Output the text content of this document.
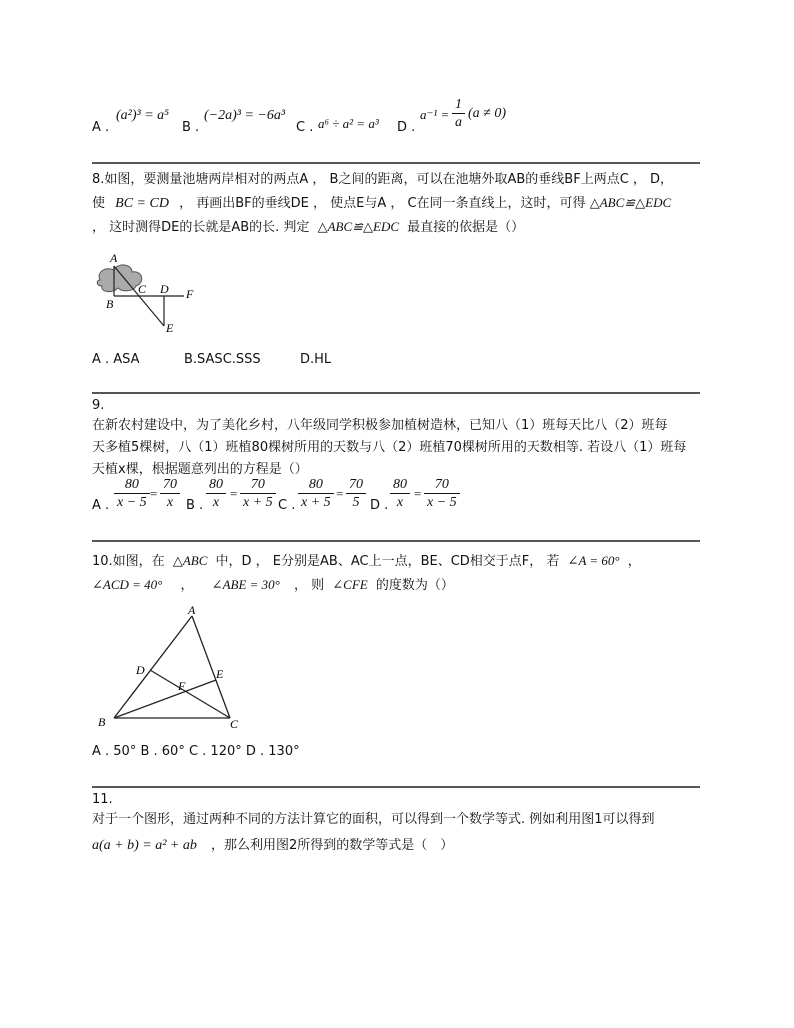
A .
(a²)³ = a⁵
B .
(−2a)³ = −6a³
C . a⁶ ÷ a² = a³ D .
$a^{-1} = \frac{1}{a} (a \ne 0)$
8.如图，要测量池塘两岸相对的两点A ， B之间的距离，可以在池塘外取AB的垂线BF上两点C ， D，
使 BC = CD ， 再画出BF的垂线DE ， 使点E与A ， C在同一条直线上，这时，可得 △ABC≌△EDC
， 这时测得DE的长就是AB的长. 判定 △ABC≌△EDC 最直接的依据是（）
A
B
C D F
E
A . ASA	B.SASC.SSS	D.HL
9.
在新农村建设中，为了美化乡村，八年级同学积极参加植树造林，已知八（1）班每天比八（2）班每
天多植5棵树，八（1）班植80棵树所用的天数与八（2）班植70棵树所用的天数相等. 若设八（1）班每
天植x棵，根据题意列出的方程是（）
A . $\frac{80}{x - 5} = \frac{70}{x}$ B . $\frac{80}{x} = \frac{70}{x + 5}$ C . $\frac{80}{x + 5} = \frac{70}{5}$ D . $\frac{80}{x} = \frac{70}{x - 5}$
10.如图，在 △ABC 中，D ， E分别是AB、AC上一点，BE、CD相交于点F， 若 ∠A = 60° ，
∠ACD = 40° ， ∠ABE = 30° ， 则 ∠CFE 的度数为（）
A
B	C
D	E
F
A . 50° B . 60° C . 120° D . 130°
11.
对于一个图形，通过两种不同的方法计算它的面积，可以得到一个数学等式. 例如利用图1可以得到
a(a + b) = a² + ab ，那么利用图2所得到的数学等式是（　）
